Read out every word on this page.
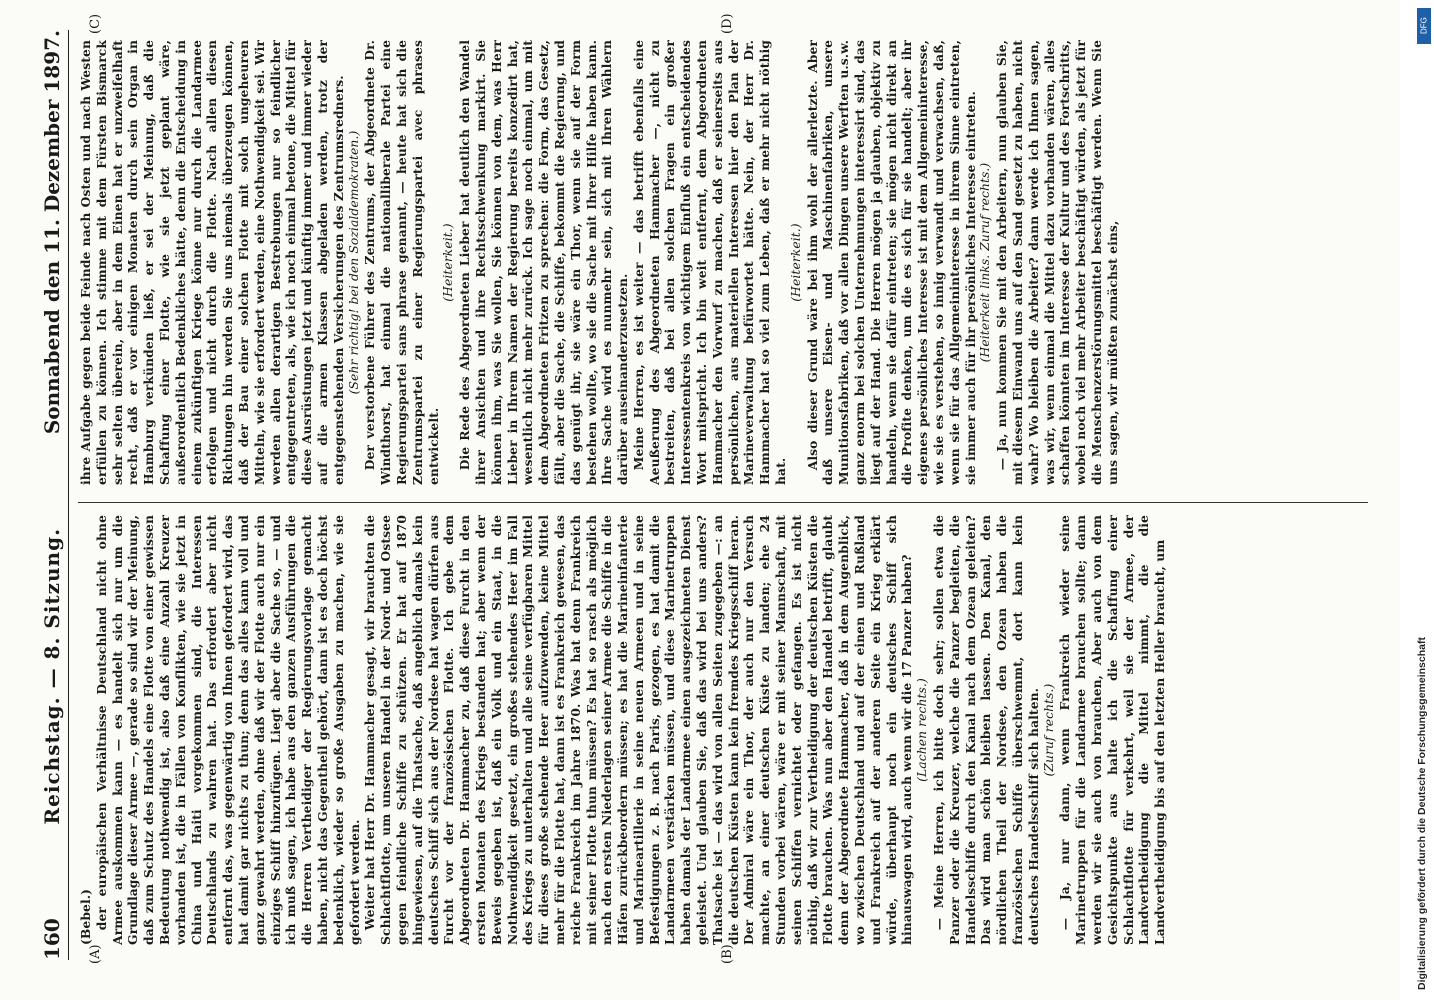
160
Reichstag. — 8. Sitzung.
Sonnabend den 11. Dezember 1897.
(A)	(B)
(C)	(D)

(Bebel.) der europäischen Verhältnisse Deutschland nicht ohne Armee auskommen kann — es handelt sich nur um die Grundlage dieser Armee —, gerade so sind wir der Meinung, daß zum Schutz des Handels eine Flotte von einer gewissen Bedeutung nothwendig ist, also daß eine Anzahl Kreuzer vorhanden ist, die in Fällen von Konflikten, wie sie jetzt in China und Haiti vorgekommen sind, die Interessen Deutschlands zu wahren hat. Das erfordert aber nicht entfernt das, was gegenwärtig von Ihnen gefordert wird, das hat damit gar nichts zu thun; denn das alles kann voll und ganz gewahrt werden, ohne daß wir der Flotte auch nur ein einziges Schiff hinzufügen. Liegt aber die Sache so, — und ich muß sagen, ich habe aus den ganzen Ausführungen die die Herren Vertheidiger der Regierungsvorlage gemacht haben, nicht das Gegentheil gehört, dann ist es doch höchst bedenklich, wieder so große Ausgaben zu machen, wie sie gefordert werden. Weiter hat Herr Dr. Hammacher gesagt, wir brauchten die Schlachtflotte, um unseren Handel in der Nord- und Ostsee gegen feindliche Schiffe zu schützen. Er hat auf 1870 hingewiesen, auf die Thatsache, daß angeblich damals kein deutsches Schiff sich aus der Nordsee hat wagen dürfen aus Furcht vor der französischen Flotte. Ich gebe dem Abgeordneten Dr. Hammacher zu, daß diese Furcht in den ersten Monaten des Kriegs bestanden hat; aber wenn der Beweis gegeben ist, daß ein Volk und ein Staat, in die Nothwendigkeit gesetzt, ein großes stehendes Heer im Fall des Kriegs zu unterhalten und alle seine verfügbaren Mittel für dieses große stehende Heer aufzuwenden, keine Mittel mehr für die Flotte hat, dann ist es Frankreich gewesen, das reiche Frankreich im Jahre 1870. Was hat denn Frankreich mit seiner Flotte thun müssen? Es hat so rasch als möglich nach den ersten Niederlagen seiner Armee die Schiffe in die Häfen zurückbeordern müssen; es hat die Marineinfanterie und Marineartillerie in seine neuen Armeen und in seine Befestigungen z. B. nach Paris, gezogen, es hat damit die Landarmeen verstärken müssen, und diese Marinetruppen haben damals der Landarmee einen ausgezeichneten Dienst geleistet. Und glauben Sie, daß das wird bei uns anders? Thatsache ist — das wird von allen Seiten zugegeben —: an die deutschen Küsten kann kein fremdes Kriegsschiff heran. Der Admiral wäre ein Thor, der auch nur den Versuch machte, an einer deutschen Küste zu landen; ehe 24 Stunden vorbei wären, wäre er mit seiner Mannschaft, mit seinen Schiffen vernichtet oder gefangen. Es ist nicht nöthig, daß wir zur Vertheidigung der deutschen Küsten die Flotte brauchen. Was nun aber den Handel betrifft, glaubt denn der Abgeordnete Hammacher, daß in dem Augenblick, wo zwischen Deutschland und auf der einen und Rußland und Frankreich auf der anderen Seite ein Krieg erklärt würde, überhaupt noch ein deutsches Schiff sich hinauswagen wird, auch wenn wir die 17 Panzer haben? (Lachen rechts.) — Meine Herren, ich bitte doch sehr; sollen etwa die Panzer oder die Kreuzer, welche die Panzer begleiten, die Handelsschiffe durch den Kanal nach dem Ozean geleiten? Das wird man schön bleiben lassen. Den Kanal, den nördlichen Theil der Nordsee, den Ozean haben die französischen Schiffe überschwemmt, dort kann kein deutsches Handelsschiff sich halten. (Zuruf rechts.) — Ja, nur dann, wenn Frankreich wieder seine Marinetruppen für die Landarmee brauchen sollte; dann werden wir sie auch von brauchen, Aber auch von dem Gesichtspunkte aus halte ich die Schaffung einer Schlachtflotte für verkehrt, weil sie der Armee, der Landvertheidigung die Mittel nimmt, die die Landvertheidigung bis auf den letzten Heller braucht, um

ihre Aufgabe gegen beide Feinde nach Osten und nach Westen erfüllen zu können. Ich stimme mit dem Fürsten Bismarck sehr selten überein, aber in dem Einen hat er unzweifelhaft recht, daß er vor einigen Monaten durch sein Organ in Hamburg verkünden ließ, er sei der Meinung, daß die Schaffung einer Flotte, wie sie jetzt geplant wäre, außerordentlich Bedenkliches hätte, denn die Entscheidung in einem zukünftigen Kriege könne nur durch die Landarmee erfolgen und nicht durch die Flotte. Nach allen diesen Richtungen hin werden Sie uns niemals überzeugen können, daß der Bau einer solchen Flotte mit solch ungeheuren Mitteln, wie sie erfordert werden, eine Nothwendigkeit sei. Wir werden allen derartigen Bestrebungen nur so feindlicher entgegentreten, als, wie ich noch einmal betone, die Mittel für diese Ausrüstungen jetzt und künftig immer und immer wieder auf die armen Klassen abgeladen werden, trotz der entgegenstehenden Versicherungen des Zentrumsredners. (Sehr richtig! bei den Sozialdemokraten.) Der verstorbene Führer des Zentrums, der Abgeordnete Dr. Windthorst, hat einmal die nationalliberale Partei eine Regierungspartei sans phrase genannt, — heute hat sich die Zentrumspartei zu einer Regierungspartei avec phrases entwickelt.

(Heiterkeit.) Die Rede des Abgeordneten Lieber hat deutlich den Wandel ihrer Ansichten und ihre Rechtsschwenkung markirt. Sie können ihm, was Sie wollen, Sie können von dem, was Herr Lieber in Ihrem Namen der Regierung bereits konzedirt hat, wesentlich nicht mehr zurück. Ich sage noch einmal, um mit dem Abgeordneten Fritzen zu sprechen: die Form, das Gesetz, fällt, aber die Sache, die Schiffe, bekommt die Regierung, und das genügt ihr, sie wäre ein Thor, wenn sie auf der Form bestehen wollte, wo sie die Sache mit Ihrer Hilfe haben kann. Ihre Sache wird es nunmehr sein, sich mit Ihren Wählern darüber auseinanderzusetzen. Meine Herren, es ist weiter — das betrifft ebenfalls eine Aeußerung des Abgeordneten Hammacher —, nicht zu bestreiten, daß bei allen solchen Fragen ein großer Interessentenkreis von wichtigem Einfluß ein entscheidendes Wort mitspricht. Ich bin weit entfernt, dem Abgeordneten Hammacher den Vorwurf zu machen, daß er seinerseits aus persönlichen, aus materiellen Interessen hier den Plan der Marineverwaltung befürwortet hätte. Nein, der Herr Dr. Hammacher hat so viel zum Leben, daß er mehr nicht nöthig hat.

(Heiterkeit.) Also dieser Grund wäre bei ihm wohl der allerletzte. Aber daß unsere Eisen- und Maschinenfabriken, unsere Munitionsfabriken, daß vor allen Dingen unsere Werften u.s.w. ganz enorm bei solchen Unternehmungen interessirt sind, das liegt auf der Hand. Die Herren mögen ja glauben, objektiv zu handeln, wenn sie dafür eintreten; sie mögen nicht direkt an die Profite denken, um die es sich für sie handelt; aber ihr eigenes persönliches Interesse ist mit dem Allgemeininteresse, wie sie es verstehen, so innig verwandt und verwachsen, daß, wenn sie für das Allgemeininteresse in ihrem Sinne eintreten, sie immer auch für ihr persönliches Interesse eintreten. (Heiterkeit links. Zuruf rechts.) — Ja, nun kommen Sie mit den Arbeitern, nun glauben Sie, mit diesem Einwand uns auf den Sand gesetzt zu haben, nicht wahr? Wo bleiben die Arbeiter? dann werde ich Ihnen sagen, was wir, wenn einmal die Mittel dazu vorhanden wären, alles schaffen könnten im Interesse der Kultur und des Fortschritts, wobei noch viel mehr Arbeiter beschäftigt würden, als jetzt für die Menschenzerstörungsmittel beschäftigt werden. Wenn Sie uns sagen, wir müßten zunächst eins,

DFG
Digitalisierung gefördert durch die Deutsche Forschungsgemeinschaft
